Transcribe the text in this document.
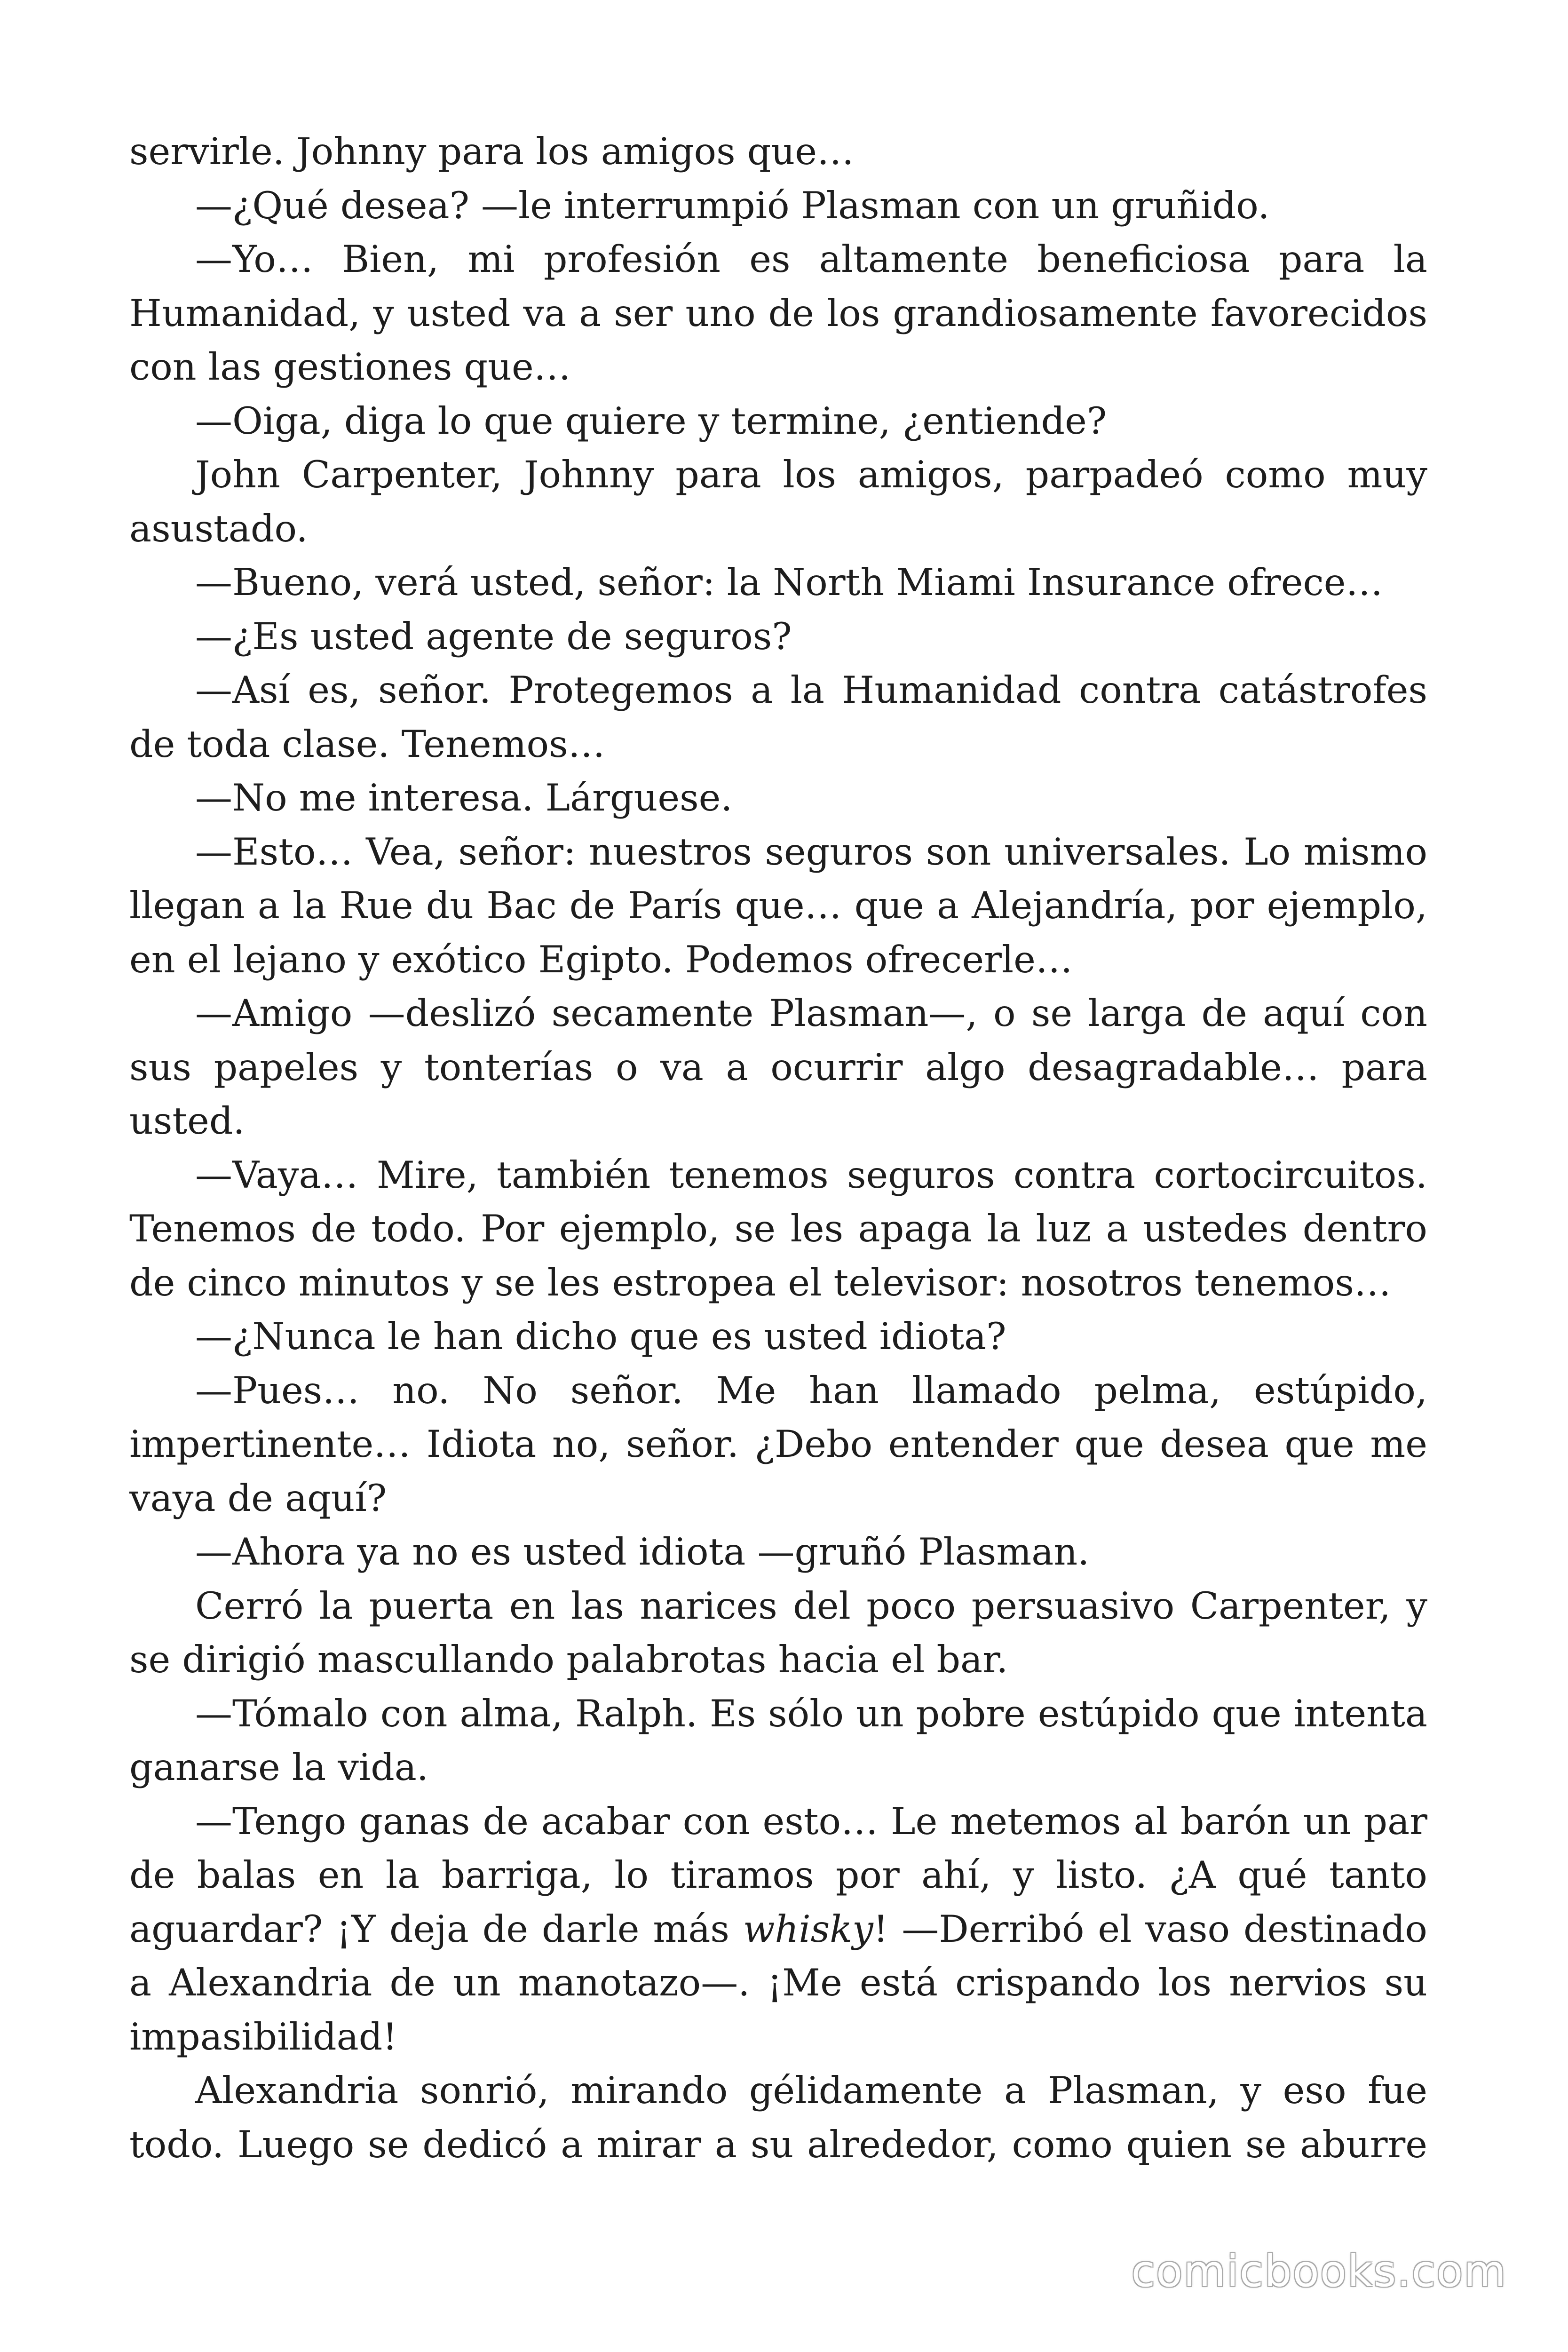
servirle. Johnny para los amigos que…

—¿Qué desea? —le interrumpió Plasman con un gruñido.

—Yo… Bien, mi profesión es altamente beneficiosa para la Humanidad, y usted va a ser uno de los grandiosamente favorecidos con las gestiones que…

—Oiga, diga lo que quiere y termine, ¿entiende?

John Carpenter, Johnny para los amigos, parpadeó como muy asustado.

—Bueno, verá usted, señor: la North Miami Insurance ofrece…

—¿Es usted agente de seguros?

—Así es, señor. Protegemos a la Humanidad contra catástrofes de toda clase. Tenemos…

—No me interesa. Lárguese.

—Esto… Vea, señor: nuestros seguros son universales. Lo mismo llegan a la Rue du Bac de París que… que a Alejandría, por ejemplo, en el lejano y exótico Egipto. Podemos ofrecerle…

—Amigo —deslizó secamente Plasman—, o se larga de aquí con sus papeles y tonterías o va a ocurrir algo desagradable… para usted.

—Vaya… Mire, también tenemos seguros contra cortocircuitos. Tenemos de todo. Por ejemplo, se les apaga la luz a ustedes dentro de cinco minutos y se les estropea el televisor: nosotros tenemos…

—¿Nunca le han dicho que es usted idiota?

—Pues… no. No señor. Me han llamado pelma, estúpido, impertinente… Idiota no, señor. ¿Debo entender que desea que me vaya de aquí?

—Ahora ya no es usted idiota —gruñó Plasman.

Cerró la puerta en las narices del poco persuasivo Carpenter, y se dirigió mascullando palabrotas hacia el bar.

—Tómalo con alma, Ralph. Es sólo un pobre estúpido que intenta ganarse la vida.

—Tengo ganas de acabar con esto… Le metemos al barón un par de balas en la barriga, lo tiramos por ahí, y listo. ¿A qué tanto aguardar? ¡Y deja de darle más whisky! —Derribó el vaso destinado a Alexandria de un manotazo—. ¡Me está crispando los nervios su impasibilidad!

Alexandria sonrió, mirando gélidamente a Plasman, y eso fue todo. Luego se dedicó a mirar a su alrededor, como quien se aburre

comicbooks.com
